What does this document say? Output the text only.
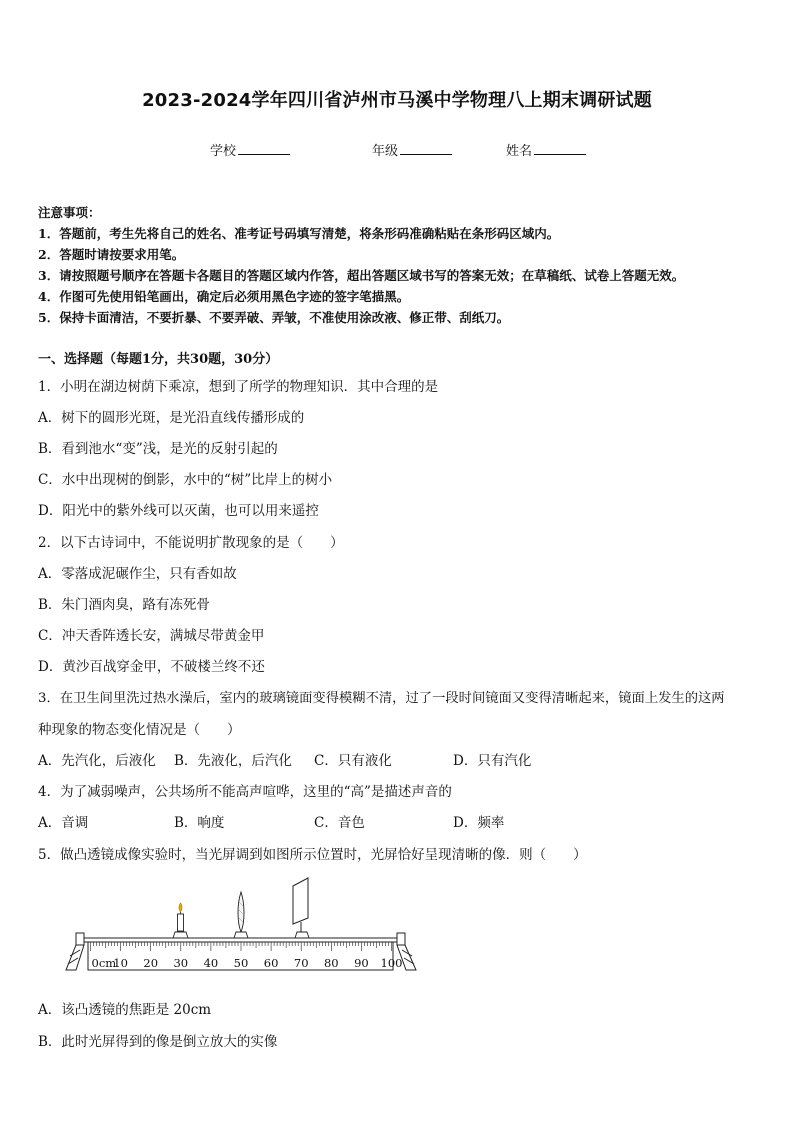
2023-2024学年四川省泸州市马溪中学物理八上期末调研试题
学校	年级	姓名
注意事项：
1．答题前，考生先将自己的姓名、准考证号码填写清楚，将条形码准确粘贴在条形码区域内。
2．答题时请按要求用笔。
3．请按照题号顺序在答题卡各题目的答题区域内作答，超出答题区域书写的答案无效；在草稿纸、试卷上答题无效。
4．作图可先使用铅笔画出，确定后必须用黑色字迹的签字笔描黑。
5．保持卡面清洁，不要折暴、不要弄破、弄皱，不准使用涂改液、修正带、刮纸刀。
一、选择题（每题1分，共30题，30分）
1．小明在湖边树荫下乘凉，想到了所学的物理知识．其中合理的是
A．树下的圆形光斑，是光沿直线传播形成的
B．看到池水“变”浅，是光的反射引起的
C．水中出现树的倒影，水中的“树”比岸上的树小
D．阳光中的紫外线可以灭菌，也可以用来遥控
2．以下古诗词中，不能说明扩散现象的是（　　）
A．零落成泥碾作尘，只有香如故
B．朱门酒肉臭，路有冻死骨
C．冲天香阵透长安，满城尽带黄金甲
D．黄沙百战穿金甲，不破楼兰终不还
3．在卫生间里洗过热水澡后，室内的玻璃镜面变得模糊不清，过了一段时间镜面又变得清晰起来，镜面上发生的这两
种现象的物态变化情况是（　　）
A．先汽化，后液化 B．先液化，后汽化 C．只有液化	D．只有汽化
4．为了减弱噪声，公共场所不能高声喧哗，这里的“高”是描述声音的
A．音调	B．响度	C．音色	D．频率
5．做凸透镜成像实验时，当光屏调到如图所示位置时，光屏恰好呈现清晰的像．则（　　）
0cm
10 20 30 40 50 60 70 80 90 100
A．该凸透镜的焦距是 20cm
B．此时光屏得到的像是倒立放大的实像
